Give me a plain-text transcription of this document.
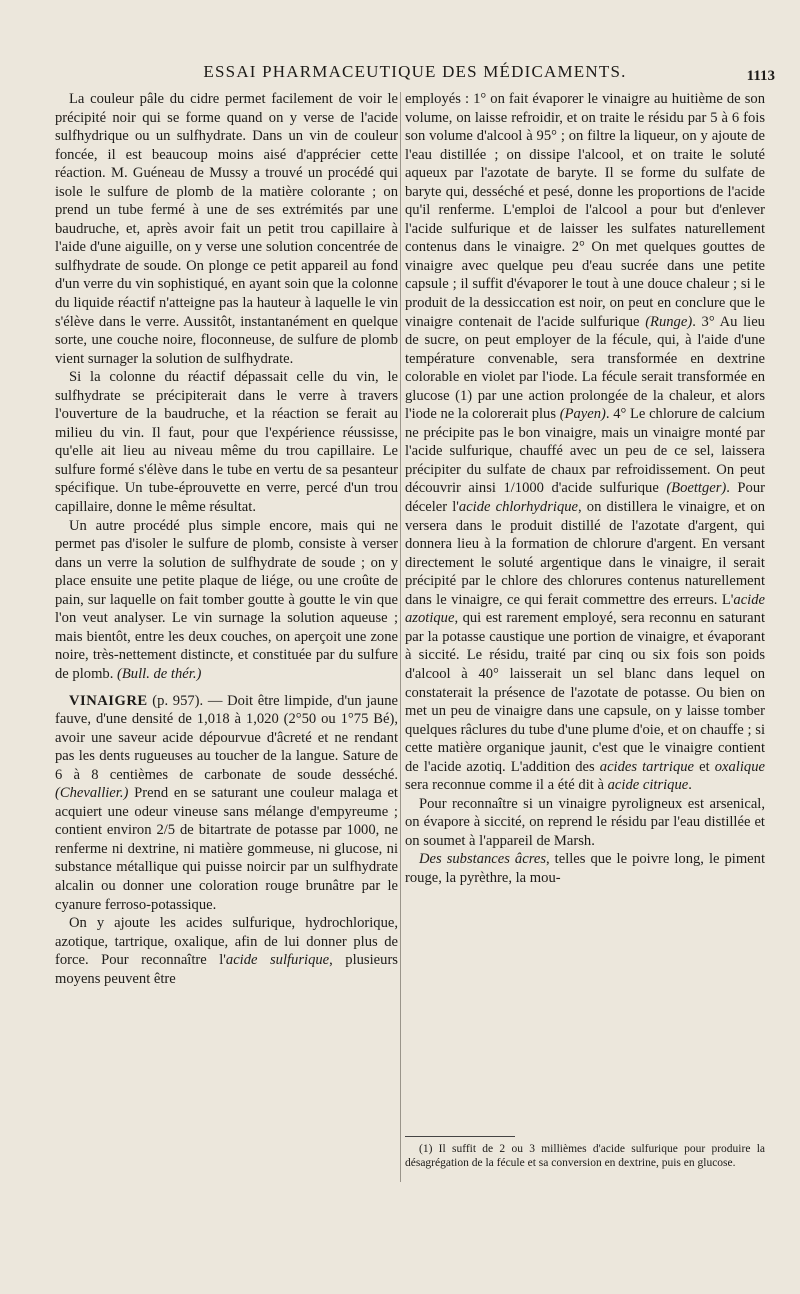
ESSAI PHARMACEUTIQUE DES MÉDICAMENTS.	1113

La couleur pâle du cidre permet facilement de voir le précipité noir qui se forme quand on y verse de l'acide sulfhydrique ou un sulfhydrate. Dans un vin de couleur foncée, il est beaucoup moins aisé d'apprécier cette réaction. M. Guéneau de Mussy a trouvé un procédé qui isole le sulfure de plomb de la matière colorante ; on prend un tube fermé à une de ses extrémités par une baudruche, et, après avoir fait un petit trou capillaire à l'aide d'une aiguille, on y verse une solution concentrée de sulfhydrate de soude. On plonge ce petit appareil au fond d'un verre du vin sophistiqué, en ayant soin que la colonne du liquide réactif n'atteigne pas la hauteur à laquelle le vin s'élève dans le verre. Aussitôt, instantanément en quelque sorte, une couche noire, floconneuse, de sulfure de plomb vient surnager la solution de sulfhydrate.

Si la colonne du réactif dépassait celle du vin, le sulfhydrate se précipiterait dans le verre à travers l'ouverture de la baudruche, et la réaction se ferait au milieu du vin. Il faut, pour que l'expérience réussisse, qu'elle ait lieu au niveau même du trou capillaire. Le sulfure formé s'élève dans le tube en vertu de sa pesanteur spécifique. Un tube-éprouvette en verre, percé d'un trou capillaire, donne le même résultat.

Un autre procédé plus simple encore, mais qui ne permet pas d'isoler le sulfure de plomb, consiste à verser dans un verre la solution de sulfhydrate de soude ; on y place ensuite une petite plaque de liége, ou une croûte de pain, sur laquelle on fait tomber goutte à goutte le vin que l'on veut analyser. Le vin surnage la solution aqueuse ; mais bientôt, entre les deux couches, on aperçoit une zone noire, très-nettement distincte, et constituée par du sulfure de plomb. (Bull. de thér.)

VINAIGRE (p. 957). — Doit être limpide, d'un jaune fauve, d'une densité de 1,018 à 1,020 (2°50 ou 1°75 Bé), avoir une saveur acide dépourvue d'âcreté et ne rendant pas les dents rugueuses au toucher de la langue. Sature de 6 à 8 centièmes de carbonate de soude desséché. (Chevallier.) Prend en se saturant une couleur malaga et acquiert une odeur vineuse sans mélange d'empyreume ; contient environ 2/5 de bitartrate de potasse par 1000, ne renferme ni dextrine, ni matière gommeuse, ni glucose, ni substance métallique qui puisse noircir par un sulfhydrate alcalin ou donner une coloration rouge brunâtre par le cyanure ferroso-potassique.

On y ajoute les acides sulfurique, hydrochlorique, azotique, tartrique, oxalique, afin de lui donner plus de force. Pour reconnaître l'acide sulfurique, plusieurs moyens peuvent être

employés : 1° on fait évaporer le vinaigre au huitième de son volume, on laisse refroidir, et on traite le résidu par 5 à 6 fois son volume d'alcool à 95° ; on filtre la liqueur, on y ajoute de l'eau distillée ; on dissipe l'alcool, et on traite le soluté aqueux par l'azotate de baryte. Il se forme du sulfate de baryte qui, desséché et pesé, donne les proportions de l'acide qu'il renferme. L'emploi de l'alcool a pour but d'enlever l'acide sulfurique et de laisser les sulfates naturellement contenus dans le vinaigre. 2° On met quelques gouttes de vinaigre avec quelque peu d'eau sucrée dans une petite capsule ; il suffit d'évaporer le tout à une douce chaleur ; si le produit de la dessiccation est noir, on peut en conclure que le vinaigre contenait de l'acide sulfurique (Runge). 3° Au lieu de sucre, on peut employer de la fécule, qui, à l'aide d'une température convenable, sera transformée en dextrine colorable en violet par l'iode. La fécule serait transformée en glucose (1) par une action prolongée de la chaleur, et alors l'iode ne la colorerait plus (Payen). 4° Le chlorure de calcium ne précipite pas le bon vinaigre, mais un vinaigre monté par l'acide sulfurique, chauffé avec un peu de ce sel, laissera précipiter du sulfate de chaux par refroidissement. On peut découvrir ainsi 1/1000 d'acide sulfurique (Boettger). Pour déceler l'acide chlorhydrique, on distillera le vinaigre, et on versera dans le produit distillé de l'azotate d'argent, qui donnera lieu à la formation de chlorure d'argent. En versant directement le soluté argentique dans le vinaigre, il serait précipité par le chlore des chlorures contenus naturellement dans le vinaigre, ce qui ferait commettre des erreurs. L'acide azotique, qui est rarement employé, sera reconnu en saturant par la potasse caustique une portion de vinaigre, et évaporant à siccité. Le résidu, traité par cinq ou six fois son poids d'alcool à 40° laisserait un sel blanc dans lequel on constaterait la présence de l'azotate de potasse. Ou bien on met un peu de vinaigre dans une capsule, on y laisse tomber quelques râclures du tube d'une plume d'oie, et on chauffe ; si cette matière organique jaunit, c'est que le vinaigre contient de l'acide azotiq. L'addition des acides tartrique et oxalique sera reconnue comme il a été dit à acide citrique.

Pour reconnaître si un vinaigre pyroligneux est arsenical, on évapore à siccité, on reprend le résidu par l'eau distillée et on soumet à l'appareil de Marsh.

Des substances âcres, telles que le poivre long, le piment rouge, la pyrèthre, la mou-

(1) Il suffit de 2 ou 3 millièmes d'acide sulfurique pour produire la désagrégation de la fécule et sa conversion en dextrine, puis en glucose.
